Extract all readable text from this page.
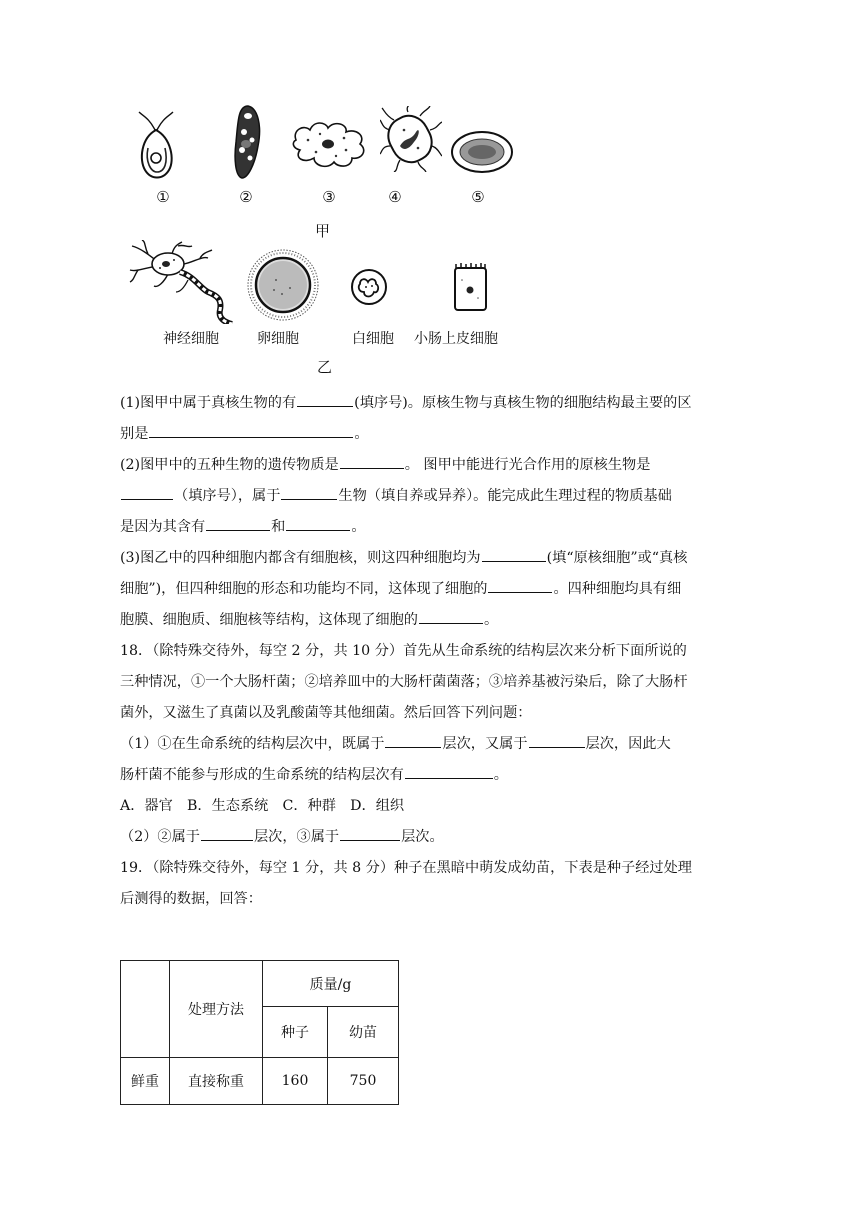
①	②	③	④	⑤
甲
神经细胞	卵细胞	白细胞 小肠上皮细胞
乙
(1)图甲中属于真核生物的有	(填序号)。原核生物与真核生物的细胞结构最主要的区
别是	。
(2)图甲中的五种生物的遗传物质是	。 图甲中能进行光合作用的原核生物是
（填序号），属于	生物（填自养或异养）。能完成此生理过程的物质基础
是因为其含有	和	。
(3)图乙中的四种细胞内都含有细胞核，则这四种细胞均为	(填“原核细胞”或“真核
细胞”)，但四种细胞的形态和功能均不同，这体现了细胞的	。四种细胞均具有细
胞膜、细胞质、细胞核等结构，这体现了细胞的	。
18．（除特殊交待外，每空 2 分，共 10 分）首先从生命系统的结构层次来分析下面所说的
三种情况，①一个大肠杆菌；②培养皿中的大肠杆菌菌落；③培养基被污染后，除了大肠杆
菌外，又滋生了真菌以及乳酸菌等其他细菌。然后回答下列问题：
（1）①在生命系统的结构层次中，既属于	层次，又属于	层次，因此大
肠杆菌不能参与形成的生命系统的结构层次有	。
A．器官　B．生态系统　C．种群　D．组织
（2）②属于	层次，③属于	层次。
19．（除特殊交待外，每空 1 分，共 8 分）种子在黑暗中萌发成幼苗，下表是种子经过处理
后测得的数据，回答：
	处理方法	质量/g	
		种子	幼苗
鲜重	直接称重	160	750
